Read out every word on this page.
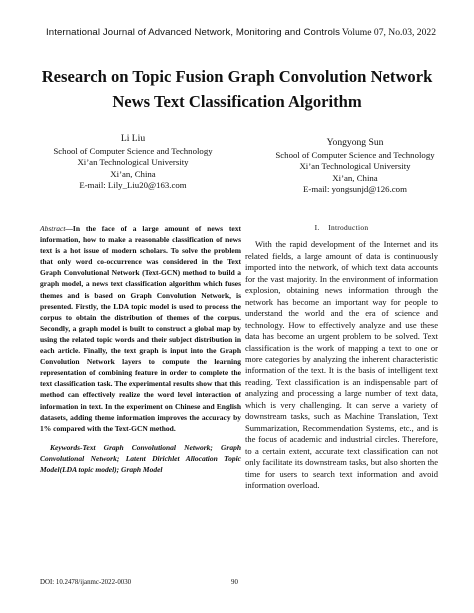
International Journal of Advanced Network, Monitoring and Controls Volume 07, No.03, 2022
Research on Topic Fusion Graph Convolution Network
News Text Classification Algorithm
Li Liu
School of Computer Science and Technology
Xi’an Technological University
Xi’an, China
E-mail: Lily_Liu20@163.com
Yongyong Sun
School of Computer Science and Technology
Xi’an Technological University
Xi’an, China
E-mail: yongsunjd@126.com
Abstract—In the face of a large amount of news text information, how to make a reasonable classification of news text is a hot issue of modern scholars. To solve the problem that only word co-occurrence was considered in the Text Graph Convolutional Network (Text-GCN) method to build a graph model, a news text classification algorithm which fuses themes and is based on Graph Convolution Network, is presented. Firstly, the LDA topic model is used to process the corpus to obtain the distribution of themes of the corpus. Secondly, a graph model is built to construct a global map by using the related topic words and their subject distribution in each article. Finally, the text graph is input into the Graph Convolution Network layers to compute the learning representation of combining feature in order to complete the text classification task. The experimental results show that this method can effectively realize the word level interaction of information in text. In the experiment on Chinese and English datasets, adding theme information improves the accuracy by 1% compared with the Text-GCN method.
Keywords-Text Graph Convolutional Network; Graph Convolutional Network; Latent Dirichlet Allocation Topic Model(LDA topic model); Graph Model
I. Introduction

With the rapid development of the Internet and its related fields, a large amount of data is continuously imported into the network, of which text data accounts for the vast majority. In the environment of information explosion, obtaining news information through the network has become an important way for people to understand the world and the era of science and technology. How to effectively analyze and use these data has become an urgent problem to be solved. Text classification is the work of mapping a text to one or more categories by analyzing the inherent characteristic information of the text. It is the basis of intelligent text reading. Text classification is an indispensable part of analyzing and processing a large number of text data, which is very challenging. It can serve a variety of downstream tasks, such as Machine Translation, Text Summarization, Recommendation Systems, etc., and is the focus of academic and industrial circles. Therefore, to a certain extent, accurate text classification can not only facilitate its downstream tasks, but also shorten the time for users to search text information and avoid information overload.

DOI: 10.2478/ijanmc-2022-0030	90
